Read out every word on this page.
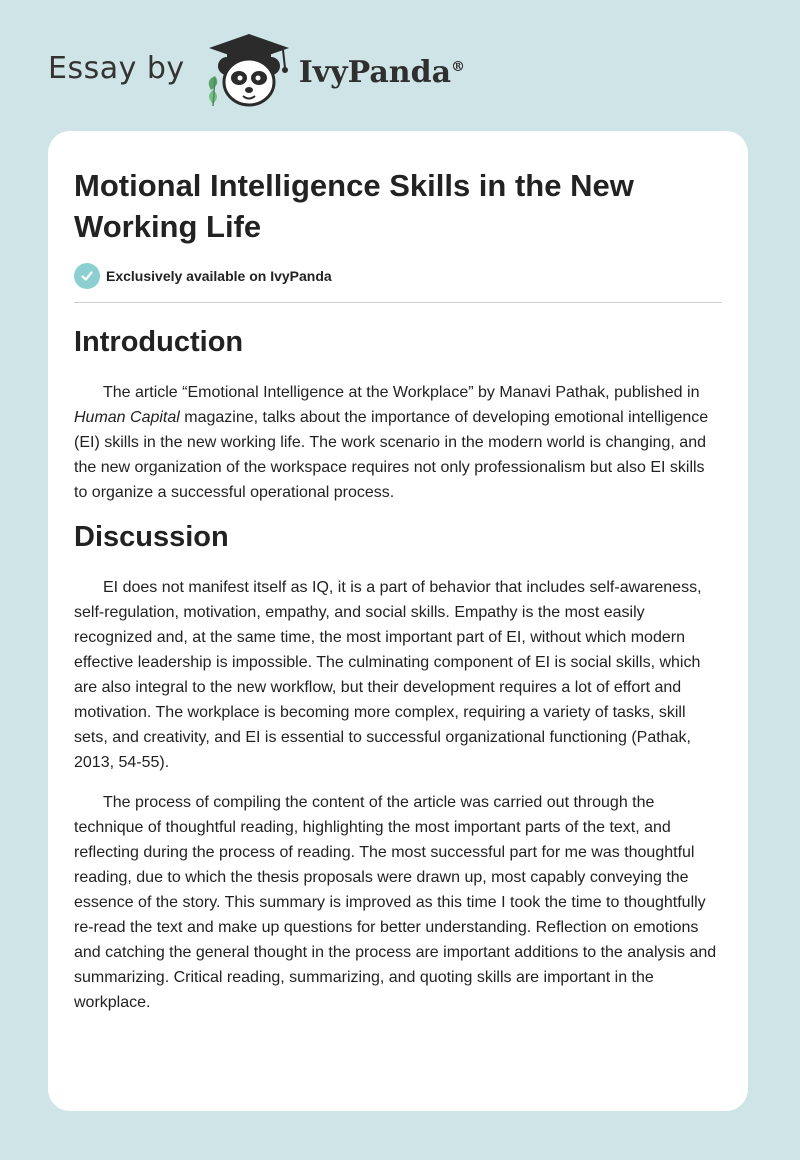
Essay by	IvyPanda®
Motional Intelligence Skills in the New Working Life
Exclusively available on IvyPanda
Introduction

The article “Emotional Intelligence at the Workplace” by Manavi Pathak, published in Human Capital magazine, talks about the importance of developing emotional intelligence (EI) skills in the new working life. The work scenario in the modern world is changing, and the new organization of the workspace requires not only professionalism but also EI skills to organize a successful operational process.

Discussion

EI does not manifest itself as IQ, it is a part of behavior that includes self-awareness, self-regulation, motivation, empathy, and social skills. Empathy is the most easily recognized and, at the same time, the most important part of EI, without which modern effective leadership is impossible. The culminating component of EI is social skills, which are also integral to the new workflow, but their development requires a lot of effort and motivation. The workplace is becoming more complex, requiring a variety of tasks, skill sets, and creativity, and EI is essential to successful organizational functioning (Pathak, 2013, 54-55).

The process of compiling the content of the article was carried out through the technique of thoughtful reading, highlighting the most important parts of the text, and reflecting during the process of reading. The most successful part for me was thoughtful reading, due to which the thesis proposals were drawn up, most capably conveying the essence of the story. This summary is improved as this time I took the time to thoughtfully re-read the text and make up questions for better understanding. Reflection on emotions and catching the general thought in the process are important additions to the analysis and summarizing. Critical reading, summarizing, and quoting skills are important in the workplace.
